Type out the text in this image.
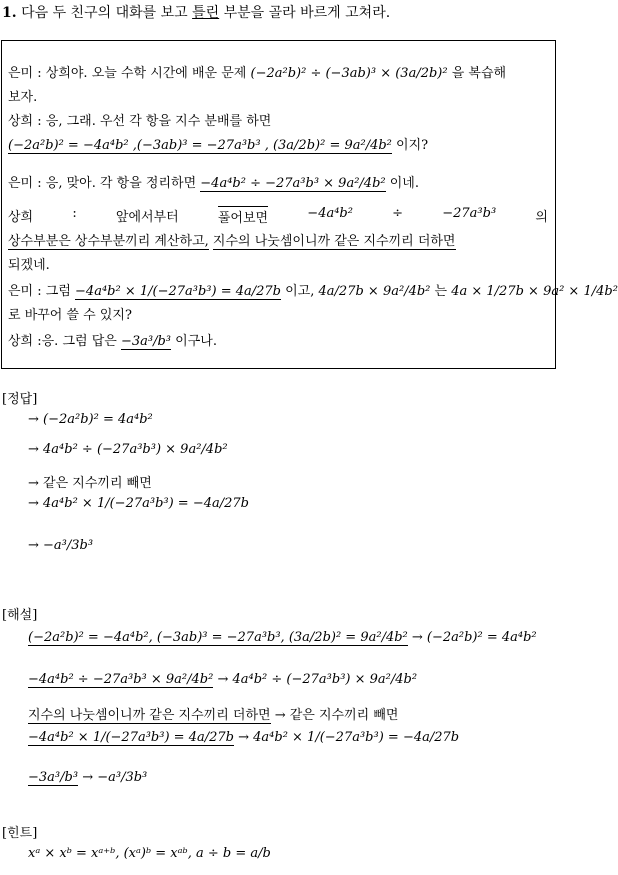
1. 다음 두 친구의 대화를 보고 틀린 부분을 골라 바르게 고쳐라.
은미 : 상희야. 오늘 수학 시간에 배운 문제 (−2a²b)² ÷ (−3ab)³ × (3a/2b)² 을 복습해
보자.
상희 : 응, 그래. 우선 각 항을 지수 분배를 하면
(−2a²b)² = −4a⁴b² ,(−3ab)³ = −27a³b³ , (3a/2b)² = 9a²/4b² 이지?
은미 : 응, 맞아. 각 항을 정리하면 −4a⁴b² ÷ −27a³b³ × 9a²/4b² 이네.
상희	:	앞에서부터	풀어보면	−4a⁴b²	÷	−27a³b³	의
상수부분은 상수부분끼리 계산하고, 지수의 나눗셈이니까 같은 지수끼리 더하면
되겠네.
은미 : 그럼 −4a⁴b² × 1/(−27a³b³) = 4a/27b 이고, 4a/27b × 9a²/4b² 는 4a × 1/27b × 9a² × 1/4b²
로 바꾸어 쓸 수 있지?
상희 :응. 그럼 답은 −3a³/b³ 이구나.
[정답]
→ (−2a²b)² = 4a⁴b²
→ 4a⁴b² ÷ (−27a³b³) × 9a²/4b²
→ 같은 지수끼리 빼면
→ 4a⁴b² × 1/(−27a³b³) = −4a/27b
→ −a³/3b³
[해설]
(−2a²b)² = −4a⁴b², (−3ab)³ = −27a³b³, (3a/2b)² = 9a²/4b² → (−2a²b)² = 4a⁴b²
−4a⁴b² ÷ −27a³b³ × 9a²/4b² → 4a⁴b² ÷ (−27a³b³) × 9a²/4b²
지수의 나눗셈이니까 같은 지수끼리 더하면 → 같은 지수끼리 빼면
−4a⁴b² × 1/(−27a³b³) = 4a/27b → 4a⁴b² × 1/(−27a³b³) = −4a/27b
−3a³/b³ → −a³/3b³
[힌트]
xᵃ × xᵇ = xᵃ⁺ᵇ, (xᵃ)ᵇ = xᵃᵇ, a ÷ b = a/b
